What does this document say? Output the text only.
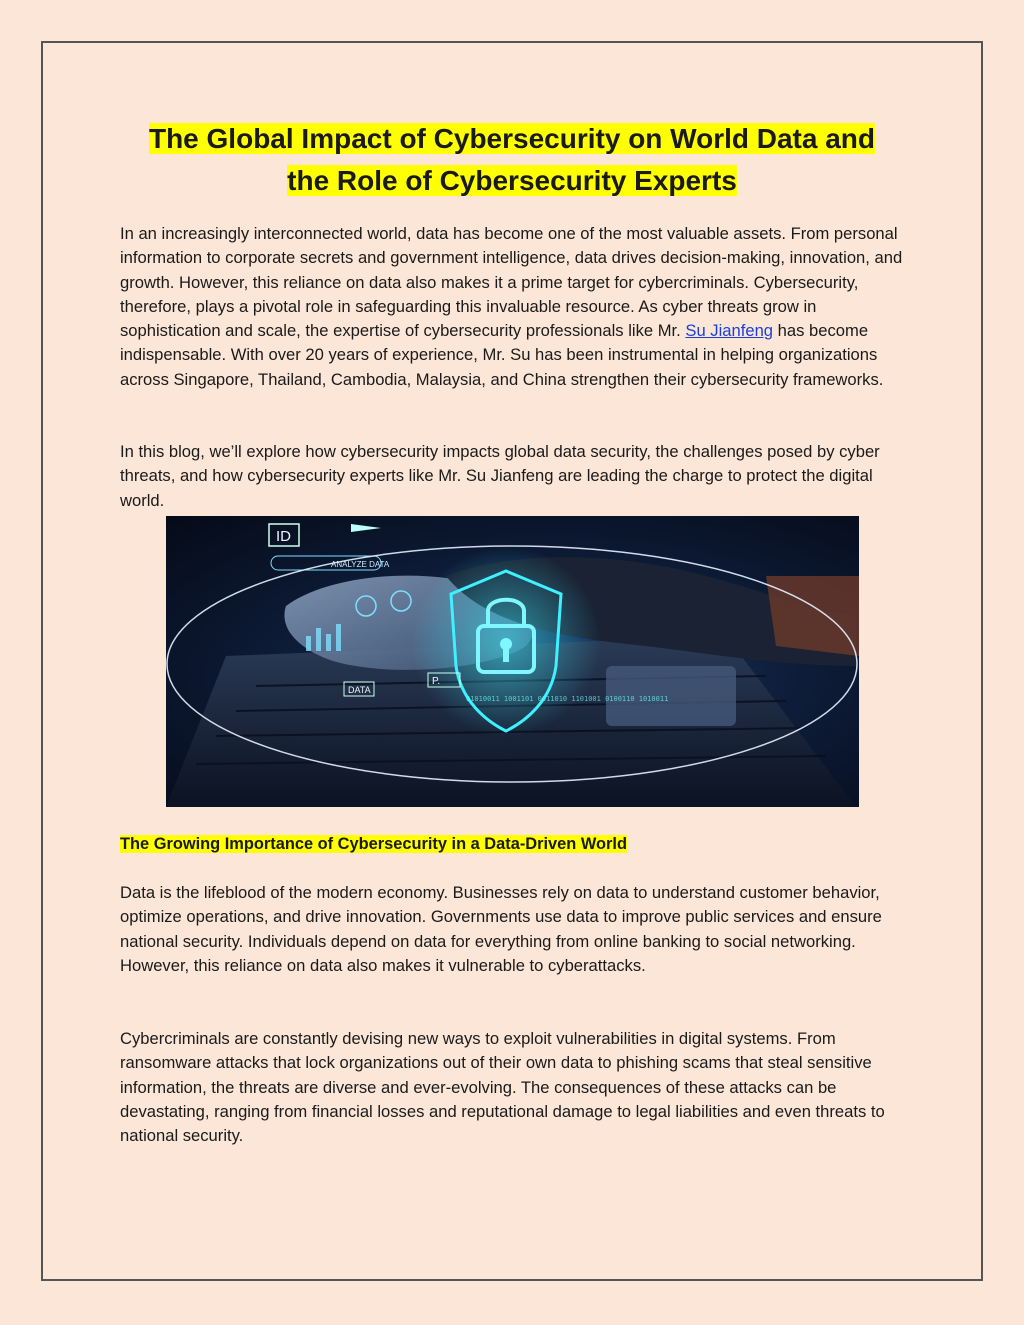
The Global Impact of Cybersecurity on World Data and
the Role of Cybersecurity Experts

In an increasingly interconnected world, data has become one of the most valuable assets. From personal information to corporate secrets and government intelligence, data drives decision-making, innovation, and growth. However, this reliance on data also makes it a prime target for cybercriminals. Cybersecurity, therefore, plays a pivotal role in safeguarding this invaluable resource. As cyber threats grow in sophistication and scale, the expertise of cybersecurity professionals like Mr. Su Jianfeng has become indispensable. With over 20 years of experience, Mr. Su has been instrumental in helping organizations across Singapore, Thailand, Cambodia, Malaysia, and China strengthen their cybersecurity frameworks.

In this blog, we’ll explore how cybersecurity impacts global data security, the challenges posed by cyber threats, and how cybersecurity experts like Mr. Su Jianfeng are leading the charge to protect the digital world.

01010011 1001101 0011010 1101001 0100110 1010011
ID
ANALYZE DATA
DATA
P.
The Growing Importance of Cybersecurity in a Data-Driven World

Data is the lifeblood of the modern economy. Businesses rely on data to understand customer behavior, optimize operations, and drive innovation. Governments use data to improve public services and ensure national security. Individuals depend on data for everything from online banking to social networking. However, this reliance on data also makes it vulnerable to cyberattacks.

Cybercriminals are constantly devising new ways to exploit vulnerabilities in digital systems. From ransomware attacks that lock organizations out of their own data to phishing scams that steal sensitive information, the threats are diverse and ever-evolving. The consequences of these attacks can be devastating, ranging from financial losses and reputational damage to legal liabilities and even threats to national security.
